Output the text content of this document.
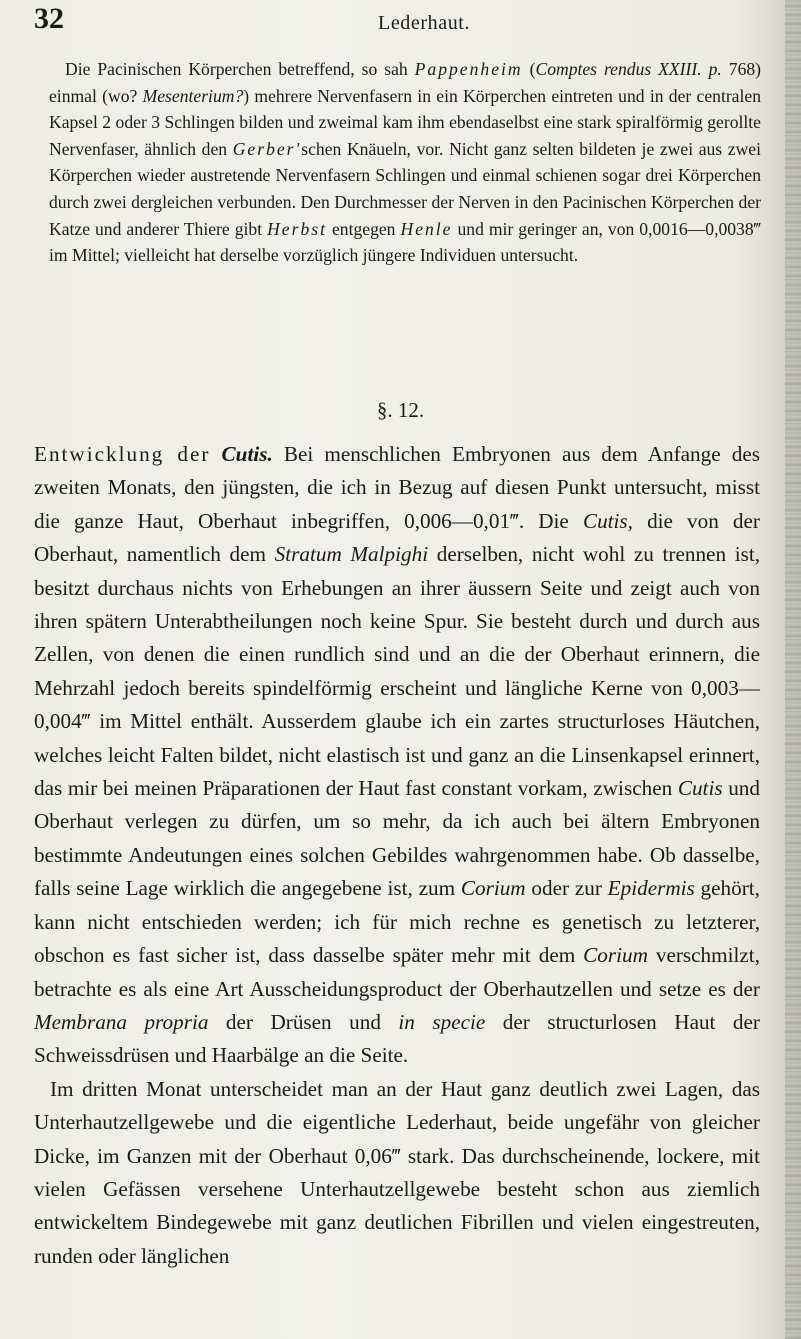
32	Lederhaut.

Die Pacinischen Körperchen betreffend, so sah Pappenheim (Comptes rendus XXIII. p. 768) einmal (wo? Mesenterium?) mehrere Nervenfasern in ein Körperchen eintreten und in der centralen Kapsel 2 oder 3 Schlingen bilden und zweimal kam ihm ebendaselbst eine stark spiralförmig gerollte Nervenfaser, ähnlich den Gerber'schen Knäueln, vor. Nicht ganz selten bildeten je zwei aus zwei Körperchen wieder austretende Nervenfasern Schlingen und einmal schienen sogar drei Körperchen durch zwei dergleichen verbunden. Den Durchmesser der Nerven in den Pacinischen Körperchen der Katze und anderer Thiere gibt Herbst entgegen Henle und mir geringer an, von 0,0016—0,0038‴ im Mittel; vielleicht hat derselbe vorzüglich jüngere Individuen untersucht.

§. 12.

Entwicklung der Cutis. Bei menschlichen Embryonen aus dem Anfange des zweiten Monats, den jüngsten, die ich in Bezug auf diesen Punkt untersucht, misst die ganze Haut, Oberhaut inbegriffen, 0,006—0,01‴. Die Cutis, die von der Oberhaut, namentlich dem Stratum Malpighi derselben, nicht wohl zu trennen ist, besitzt durchaus nichts von Erhebungen an ihrer äussern Seite und zeigt auch von ihren spätern Unterabtheilungen noch keine Spur. Sie besteht durch und durch aus Zellen, von denen die einen rundlich sind und an die der Oberhaut erinnern, die Mehrzahl jedoch bereits spindelförmig erscheint und längliche Kerne von 0,003—0,004‴ im Mittel enthält. Ausserdem glaube ich ein zartes structurloses Häutchen, welches leicht Falten bildet, nicht elastisch ist und ganz an die Linsenkapsel erinnert, das mir bei meinen Präparationen der Haut fast constant vorkam, zwischen Cutis und Oberhaut verlegen zu dürfen, um so mehr, da ich auch bei ältern Embryonen bestimmte Andeutungen eines solchen Gebildes wahrgenommen habe. Ob dasselbe, falls seine Lage wirklich die angegebene ist, zum Corium oder zur Epidermis gehört, kann nicht entschieden werden; ich für mich rechne es genetisch zu letzterer, obschon es fast sicher ist, dass dasselbe später mehr mit dem Corium verschmilzt, betrachte es als eine Art Ausscheidungsproduct der Oberhautzellen und setze es der Membrana propria der Drüsen und in specie der structurlosen Haut der Schweissdrüsen und Haarbälge an die Seite.

Im dritten Monat unterscheidet man an der Haut ganz deutlich zwei Lagen, das Unterhautzellgewebe und die eigentliche Lederhaut, beide ungefähr von gleicher Dicke, im Ganzen mit der Oberhaut 0,06‴ stark. Das durchscheinende, lockere, mit vielen Gefässen versehene Unterhautzellgewebe besteht schon aus ziemlich entwickeltem Bindegewebe mit ganz deutlichen Fibrillen und vielen eingestreuten, runden oder länglichen
